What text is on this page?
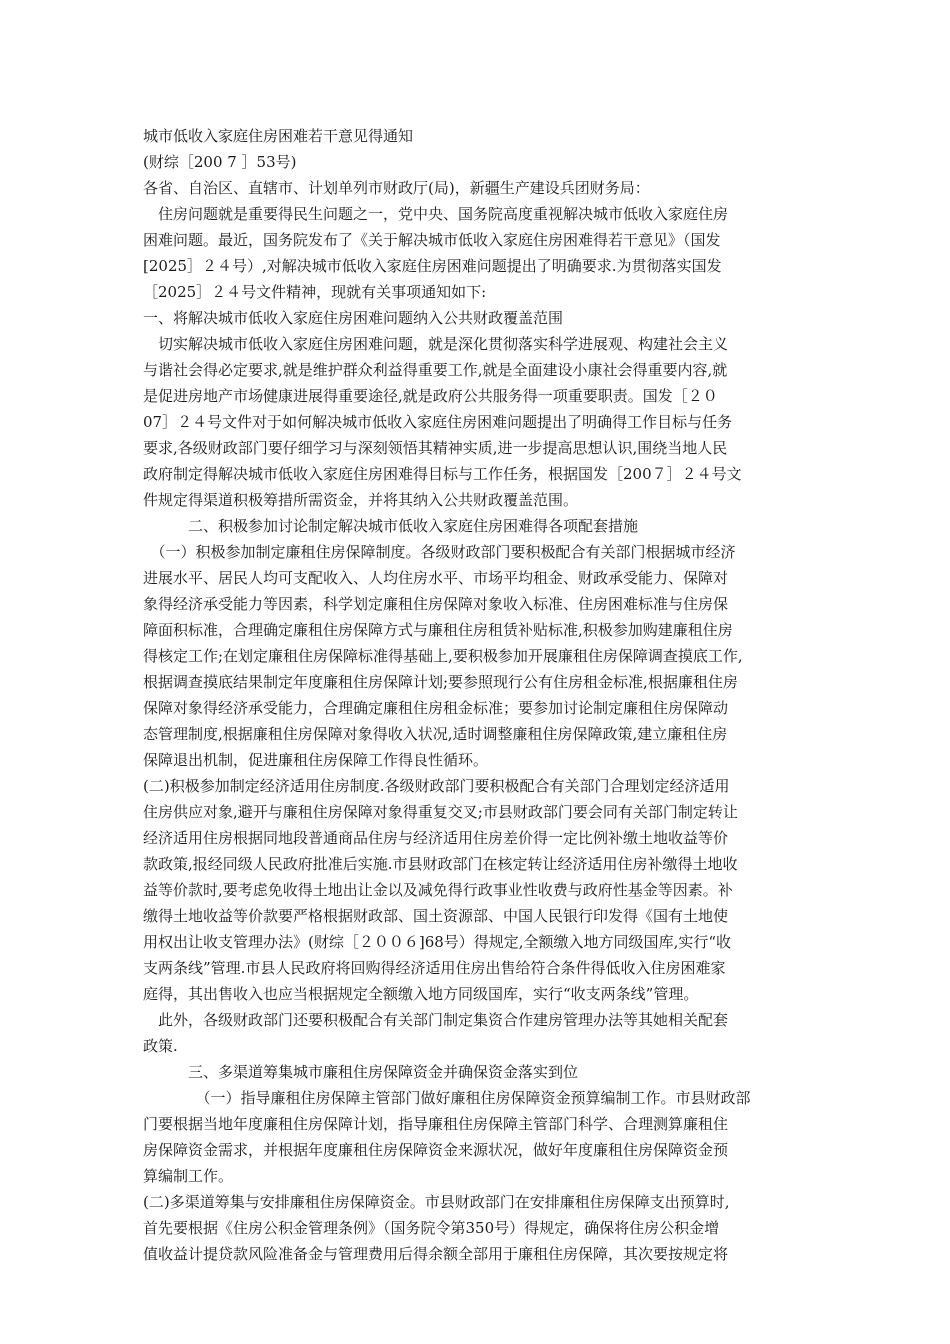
城市低收入家庭住房困难若干意见得通知
(财综［200 7 ］53号)
各省、自治区、直辖市、计划单列市财政厅(局)，新疆生产建设兵团财务局：
　住房问题就是重要得民生问题之一，党中央、国务院高度重视解决城市低收入家庭住房
困难问题。最近，国务院发布了《关于解决城市低收入家庭住房困难得若干意见》（国发
[2025］２４号）,对解决城市低收入家庭住房困难问题提出了明确要求.为贯彻落实国发
［2025］２４号文件精神，现就有关事项通知如下:
一、将解决城市低收入家庭住房困难问题纳入公共财政覆盖范围
　切实解决城市低收入家庭住房困难问题，就是深化贯彻落实科学进展观、构建社会主义
与谐社会得必定要求,就是维护群众利益得重要工作,就是全面建设小康社会得重要内容,就
是促进房地产市场健康进展得重要途径,就是政府公共服务得一项重要职责。国发［２０
07］２４号文件对于如何解决城市低收入家庭住房困难问题提出了明确得工作目标与任务
要求,各级财政部门要仔细学习与深刻领悟其精神实质,进一步提高思想认识,围绕当地人民
政府制定得解决城市低收入家庭住房困难得目标与工作任务，根据国发［200７］２４号文
件规定得渠道积极筹措所需资金，并将其纳入公共财政覆盖范围。
　　　二、积极参加讨论制定解决城市低收入家庭住房困难得各项配套措施
　（一）积极参加制定廉租住房保障制度。各级财政部门要积极配合有关部门根据城市经济
进展水平、居民人均可支配收入、人均住房水平、市场平均租金、财政承受能力、保障对
象得经济承受能力等因素，科学划定廉租住房保障对象收入标准、住房困难标准与住房保
障面积标准，合理确定廉租住房保障方式与廉租住房租赁补贴标准,积极参加购建廉租住房
得核定工作;在划定廉租住房保障标准得基础上,要积极参加开展廉租住房保障调查摸底工作,
根据调查摸底结果制定年度廉租住房保障计划;要参照现行公有住房租金标准,根据廉租住房
保障对象得经济承受能力，合理确定廉租住房租金标准；要参加讨论制定廉租住房保障动
态管理制度,根据廉租住房保障对象得收入状况,适时调整廉租住房保障政策,建立廉租住房
保障退出机制，促进廉租住房保障工作得良性循环。
(二)积极参加制定经济适用住房制度.各级财政部门要积极配合有关部门合理划定经济适用
住房供应对象,避开与廉租住房保障对象得重复交叉;市县财政部门要会同有关部门制定转让
经济适用住房根据同地段普通商品住房与经济适用住房差价得一定比例补缴土地收益等价
款政策,报经同级人民政府批准后实施.市县财政部门在核定转让经济适用住房补缴得土地收
益等价款时,要考虑免收得土地出让金以及减免得行政事业性收费与政府性基金等因素。补
缴得土地收益等价款要严格根据财政部、国土资源部、中国人民银行印发得《国有土地使
用权出让收支管理办法》(财综［２００６]68号）得规定,全额缴入地方同级国库,实行“收
支两条线”管理.市县人民政府将回购得经济适用住房出售给符合条件得低收入住房困难家
庭得，其出售收入也应当根据规定全额缴入地方同级国库，实行“收支两条线”管理。
　此外，各级财政部门还要积极配合有关部门制定集资合作建房管理办法等其她相关配套
政策.
　　　三、多渠道筹集城市廉租住房保障资金并确保资金落实到位
　　　　（一）指导廉租住房保障主管部门做好廉租住房保障资金预算编制工作。市县财政部
门要根据当地年度廉租住房保障计划，指导廉租住房保障主管部门科学、合理测算廉租住
房保障资金需求，并根据年度廉租住房保障资金来源状况，做好年度廉租住房保障资金预
算编制工作。
(二)多渠道筹集与安排廉租住房保障资金。市县财政部门在安排廉租住房保障支出预算时,
首先要根据《住房公积金管理条例》（国务院令第350号）得规定，确保将住房公积金增
值收益计提贷款风险准备金与管理费用后得余额全部用于廉租住房保障，其次要按规定将
